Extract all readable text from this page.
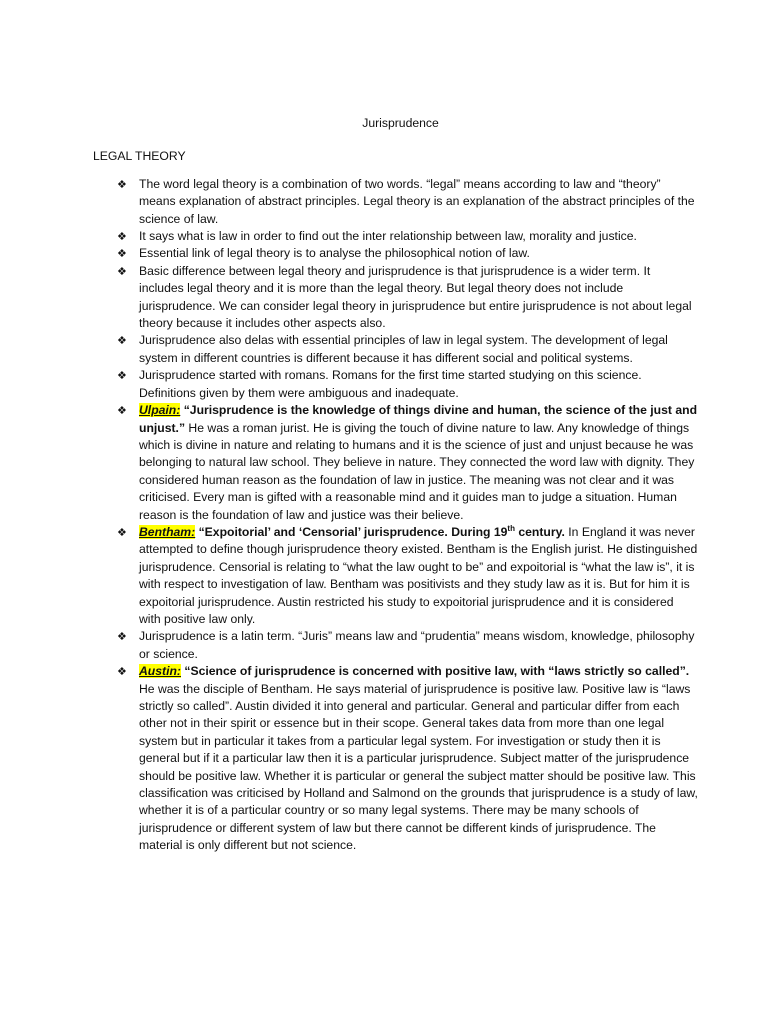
Jurisprudence
LEGAL THEORY
❖ The word legal theory is a combination of two words. “legal” means according to law and “theory” means explanation of abstract principles. Legal theory is an explanation of the abstract principles of the science of law.
❖ It says what is law in order to find out the inter relationship between law, morality and justice.
❖ Essential link of legal theory is to analyse the philosophical notion of law.
❖ Basic difference between legal theory and jurisprudence is that jurisprudence is a wider term. It includes legal theory and it is more than the legal theory. But legal theory does not include jurisprudence. We can consider legal theory in jurisprudence but entire jurisprudence is not about legal theory because it includes other aspects also.
❖ Jurisprudence also delas with essential principles of law in legal system. The development of legal system in different countries is different because it has different social and political systems.
❖ Jurisprudence started with romans. Romans for the first time started studying on this science. Definitions given by them were ambiguous and inadequate.
❖ Ulpain: “Jurisprudence is the knowledge of things divine and human, the science of the just and unjust.” He was a roman jurist. He is giving the touch of divine nature to law. Any knowledge of things which is divine in nature and relating to humans and it is the science of just and unjust because he was belonging to natural law school. They believe in nature. They connected the word law with dignity. They considered human reason as the foundation of law in justice. The meaning was not clear and it was criticised. Every man is gifted with a reasonable mind and it guides man to judge a situation. Human reason is the foundation of law and justice was their believe.
❖ Bentham: “Expoitorial’ and ‘Censorial’ jurisprudence. During 19th century. In England it was never attempted to define though jurisprudence theory existed. Bentham is the English jurist. He distinguished jurisprudence. Censorial is relating to “what the law ought to be” and expoitorial is “what the law is”, it is with respect to investigation of law. Bentham was positivists and they study law as it is. But for him it is expoitorial jurisprudence. Austin restricted his study to expoitorial jurisprudence and it is considered with positive law only.
❖ Jurisprudence is a latin term. “Juris” means law and “prudentia” means wisdom, knowledge, philosophy or science.
❖ Austin: “Science of jurisprudence is concerned with positive law, with “laws strictly so called”. He was the disciple of Bentham. He says material of jurisprudence is positive law. Positive law is “laws strictly so called”. Austin divided it into general and particular. General and particular differ from each other not in their spirit or essence but in their scope. General takes data from more than one legal system but in particular it takes from a particular legal system. For investigation or study then it is general but if it a particular law then it is a particular jurisprudence. Subject matter of the jurisprudence should be positive law. Whether it is particular or general the subject matter should be positive law. This classification was criticised by Holland and Salmond on the grounds that jurisprudence is a study of law, whether it is of a particular country or so many legal systems. There may be many schools of jurisprudence or different system of law but there cannot be different kinds of jurisprudence. The material is only different but not science.
